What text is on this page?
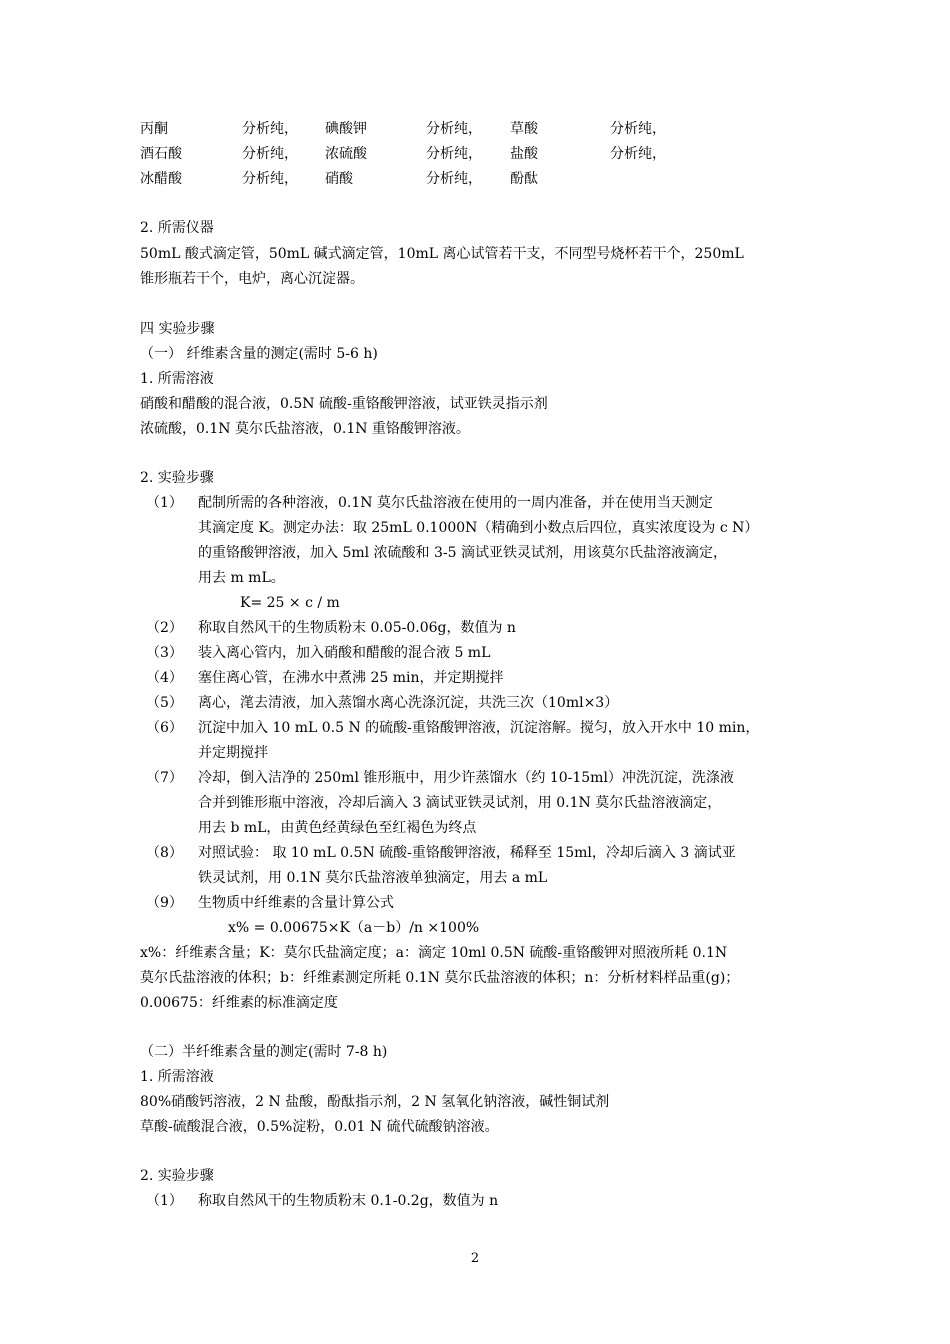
丙酮	分析纯， 碘酸钾	分析纯， 草酸	分析纯，
酒石酸	分析纯， 浓硫酸	分析纯， 盐酸	分析纯，
冰醋酸	分析纯， 硝酸	分析纯， 酚酞
2. 所需仪器
50mL 酸式滴定管，50mL 碱式滴定管，10mL 离心试管若干支，不同型号烧杯若干个，250mL
锥形瓶若干个，电炉，离心沉淀器。
四 实验步骤
（一） 纤维素含量的测定(需时 5-6 h)
1. 所需溶液
硝酸和醋酸的混合液，0.5N 硫酸-重铬酸钾溶液，试亚铁灵指示剂
浓硫酸，0.1N 莫尔氏盐溶液，0.1N 重铬酸钾溶液。
2. 实验步骤
（1） 配制所需的各种溶液，0.1N 莫尔氏盐溶液在使用的一周内准备，并在使用当天测定
其滴定度 K。测定办法：取 25mL 0.1000N（精确到小数点后四位，真实浓度设为 c N）
的重铬酸钾溶液，加入 5ml 浓硫酸和 3-5 滴试亚铁灵试剂，用该莫尔氏盐溶液滴定，
用去 m mL。
K= 25 × c / m
（2） 称取自然风干的生物质粉末 0.05-0.06g，数值为 n
（3） 装入离心管内，加入硝酸和醋酸的混合液 5 mL
（4） 塞住离心管，在沸水中煮沸 25 min，并定期搅拌
（5） 离心，滗去清液，加入蒸馏水离心洗涤沉淀，共洗三次（10ml×3）
（6） 沉淀中加入 10 mL 0.5 N 的硫酸-重铬酸钾溶液，沉淀溶解。搅匀，放入开水中 10 min，
并定期搅拌
（7） 冷却，倒入洁净的 250ml 锥形瓶中，用少许蒸馏水（约 10-15ml）冲洗沉淀，洗涤液
合并到锥形瓶中溶液，冷却后滴入 3 滴试亚铁灵试剂，用 0.1N 莫尔氏盐溶液滴定，
用去 b mL，由黄色经黄绿色至红褐色为终点
（8） 对照试验： 取 10 mL 0.5N 硫酸-重铬酸钾溶液，稀释至 15ml，冷却后滴入 3 滴试亚
铁灵试剂，用 0.1N 莫尔氏盐溶液单独滴定，用去 a mL
（9） 生物质中纤维素的含量计算公式
x% = 0.00675×K（a－b）/n ×100%
x%：纤维素含量；K：莫尔氏盐滴定度；a：滴定 10ml 0.5N 硫酸-重铬酸钾对照液所耗 0.1N
莫尔氏盐溶液的体积；b：纤维素测定所耗 0.1N 莫尔氏盐溶液的体积；n：分析材料样品重(g)；
0.00675：纤维素的标准滴定度
（二）半纤维素含量的测定(需时 7-8 h)
1. 所需溶液
80%硝酸钙溶液，2 N 盐酸，酚酞指示剂，2 N 氢氧化钠溶液，碱性铜试剂
草酸-硫酸混合液，0.5%淀粉，0.01 N 硫代硫酸钠溶液。
2. 实验步骤
（1） 称取自然风干的生物质粉末 0.1-0.2g，数值为 n
2
